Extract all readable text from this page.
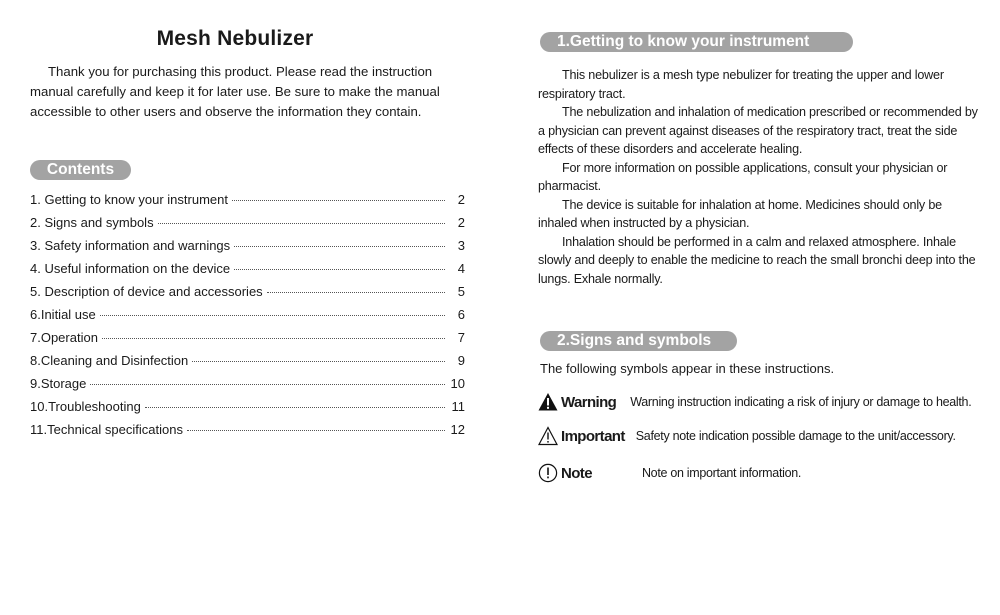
Mesh Nebulizer

Thank you for purchasing this product. Please read the instruction manual carefully and keep it for later use. Be sure to make the manual accessible to other users and observe the information they contain.

Contents
1. Getting to know your instrument	2
2. Signs and symbols	2
3. Safety information and warnings	3
4. Useful information on the device	4
5. Description of device and accessories	5
6.Initial use	6
7.Operation	7
8.Cleaning and Disinfection	9
9.Storage	10
10.Troubleshooting	11
11.Technical specifications	12
1.Getting to know your instrument

This nebulizer is a mesh type nebulizer for treating the upper and lower respiratory tract.

The nebulization and inhalation of medication prescribed or recommended by a physician can prevent against diseases of the respiratory tract, treat the side effects of these disorders and accelerate healing.

For more information on possible applications, consult your physician or pharmacist.

The device is suitable for inhalation at home. Medicines should only be inhaled when instructed by a physician.

Inhalation should be performed in a calm and relaxed atmosphere. Inhale slowly and deeply to enable the medicine to reach the small bronchi deep into the lungs. Exhale normally.

2.Signs and symbols

The following symbols appear in these instructions.

Warning Warning instruction indicating a risk of injury or damage to health.
Important Safety note indication possible damage to the unit/accessory.
Note	Note on important information.
